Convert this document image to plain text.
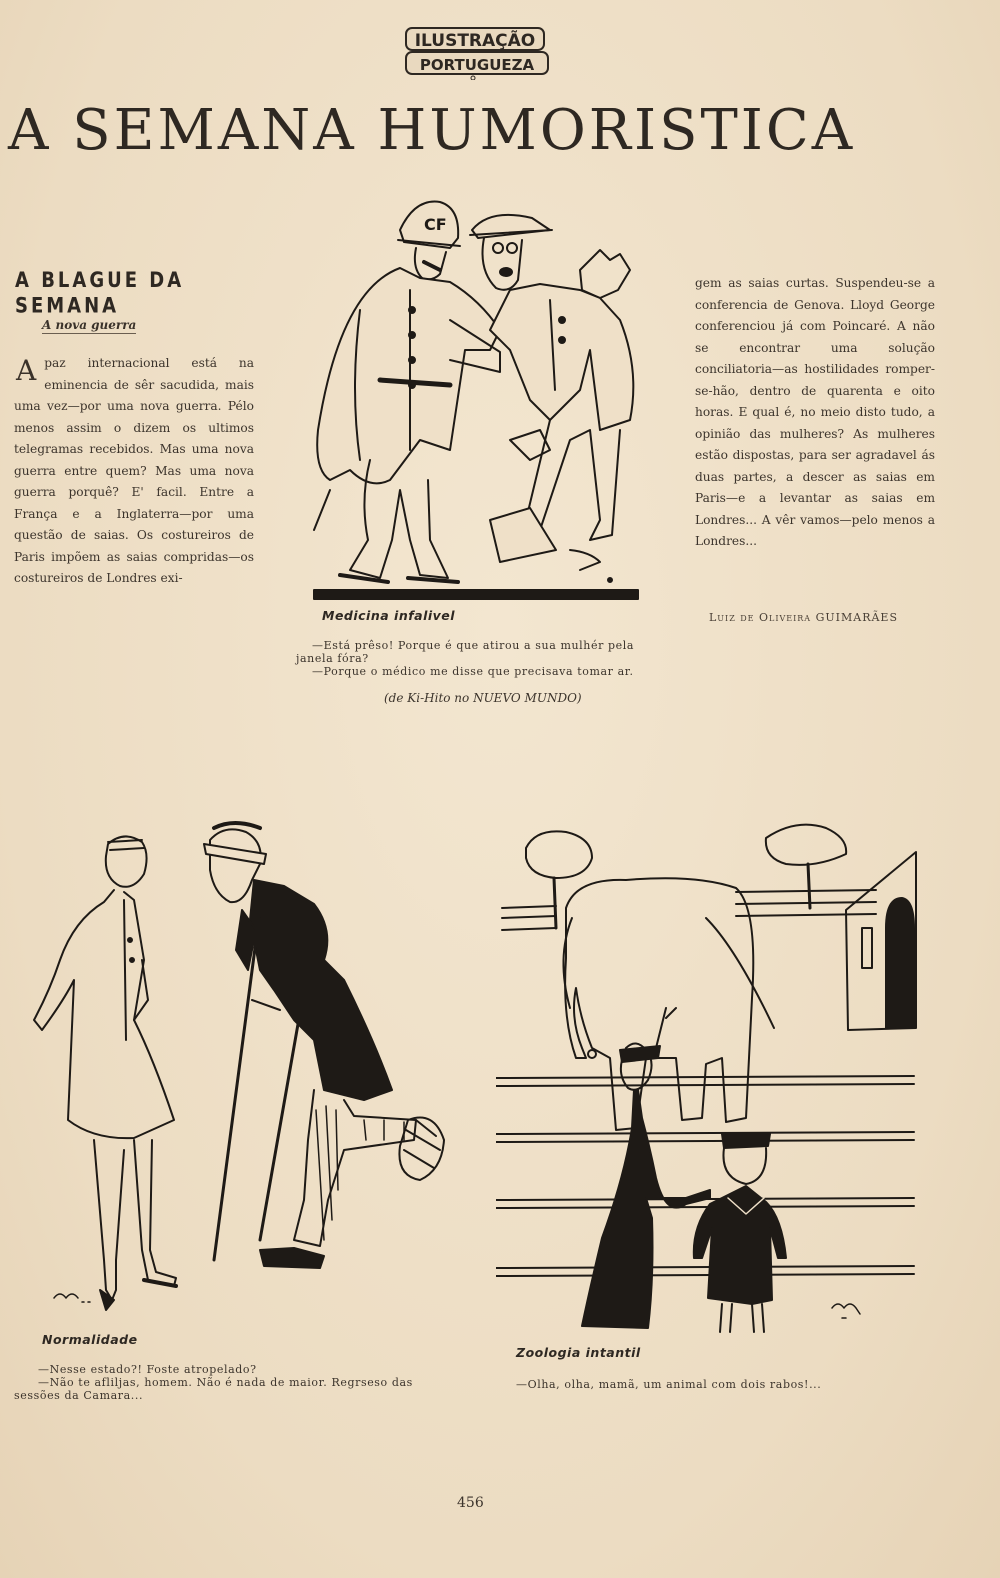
ILUSTRAÇÃO
PORTUGUEZA
A SEMANA HUMORISTICA
A BLAGUE DA SEMANA
A nova guerra
A paz internacional está na eminencia de sêr sacudida, mais uma vez—por uma nova guerra. Pélo menos assim o dizem os ultimos telegramas recebidos. Mas uma nova guerra entre quem? Mas uma nova guerra porquê? E' facil. Entre a França e a Inglaterra—por uma questão de saias. Os costureiros de Paris impõem as saias compridas—os costureiros de Londres exi-

gem as saias curtas. Suspendeu-se a conferencia de Genova. Lloyd George conferenciou já com Poincaré. A não se encontrar uma solução conciliatoria—as hostilidades romper-se-hão, dentro de quarenta e oito horas. E qual é, no meio disto tudo, a opinião das mulheres? As mulheres estão dispostas, para ser agradavel ás duas partes, a descer as saias em Paris—e a levantar as saias em Londres... A vêr vamos—pelo menos a Londres...

Luiz de Oliveira GUIMARÃES
CF
Medicina infalivel

—Está prêso! Porque é que atirou a sua mulhér pela janela fóra?

—Porque o médico me disse que precisava tomar ar.

(de Ki-Hito no NUEVO MUNDO)
Normalidade

—Nesse estado?! Foste atropelado?

—Não te afliljas, homem. Não é nada de maior. Regrseso das sessões da Camara...

Zoologia intantil

—Olha, olha, mamã, um animal com dois rabos!...

456
